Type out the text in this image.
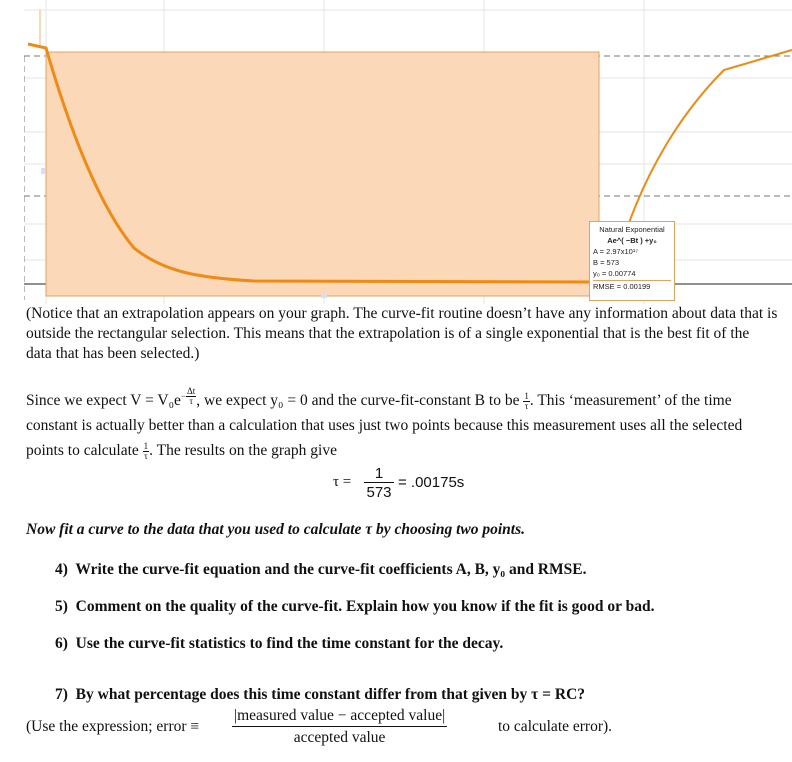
Natural Exponential
Ae^( −Bt ) +y₀
A = 2.97x10¹⁷
B = 573
y₀ = 0.00774
RMSE = 0.00199
(Notice that an extrapolation appears on your graph. The curve-fit routine doesn’t have any information about data that is outside the rectangular selection. This means that the extrapolation is of a single exponential that is the best fit of the data that has been selected.)
Since we expect $V = V_0e^{- \frac{\Delta t}{\tau}}$ , we expect y₀ = 0 and the curve-fit-constant B to be $\frac{1}{\tau}$ . This ‘measurement’ of the time constant is actually better than a calculation that uses just two points because this measurement uses all the selected points to calculate $\frac{1}{\tau}$ . The results on the graph give
$\tau = \frac{1}{573} = .00175s$
Now fit a curve to the data that you used to calculate τ by choosing two points.
4) Write the curve-fit equation and the curve-fit coefficients A, B, y₀ and RMSE.
5) Comment on the quality of the curve-fit. Explain how you know if the fit is good or bad.
6) Use the curve-fit statistics to find the time constant for the decay.
7) By what percentage does this time constant differ from that given by τ = RC?
(Use the expression; error ≡
|measured value − accepted value|
accepted value
to calculate error).
